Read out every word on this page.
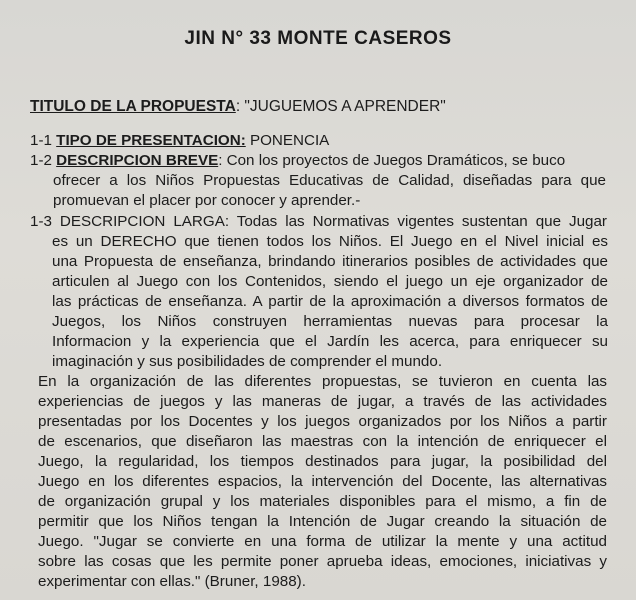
JIN N° 33 MONTE CASEROS
TITULO DE LA PROPUESTA: "JUGUEMOS A APRENDER"
1-1 TIPO DE PRESENTACION: PONENCIA
1-2 DESCRIPCION BREVE: Con los proyectos de Juegos Dramáticos, se buco
ofrecer a los Niños Propuestas Educativas de Calidad, diseñadas para que
promuevan el placer por conocer y aprender.-
1-3 DESCRIPCION LARGA: Todas las Normativas vigentes sustentan que Jugar
es un DERECHO que tienen todos los Niños. El Juego en el Nivel inicial es
una Propuesta de enseñanza, brindando itinerarios posibles de actividades que
articulen al Juego con los Contenidos, siendo el juego un eje organizador de
las prácticas de enseñanza. A partir de la aproximación a diversos formatos de
Juegos, los Niños construyen herramientas nuevas para procesar la
Informacion y la experiencia que el Jardín les acerca, para enriquecer su
imaginación y sus posibilidades de comprender el mundo.
En la organización de las diferentes propuestas, se tuvieron en cuenta las
experiencias de juegos y las maneras de jugar, a través de las actividades
presentadas por los Docentes y los juegos organizados por los Niños a partir
de escenarios, que diseñaron las maestras con la intención de enriquecer el
Juego, la regularidad, los tiempos destinados para jugar, la posibilidad del
Juego en los diferentes espacios, la intervención del Docente, las alternativas
de organización grupal y los materiales disponibles para el mismo, a fin de
permitir que los Niños tengan la Intención de Jugar creando la situación de
Juego. "Jugar se convierte en una forma de utilizar la mente y una actitud
sobre las cosas que les permite poner aprueba ideas, emociones, iniciativas y
experimentar con ellas." (Bruner, 1988).
